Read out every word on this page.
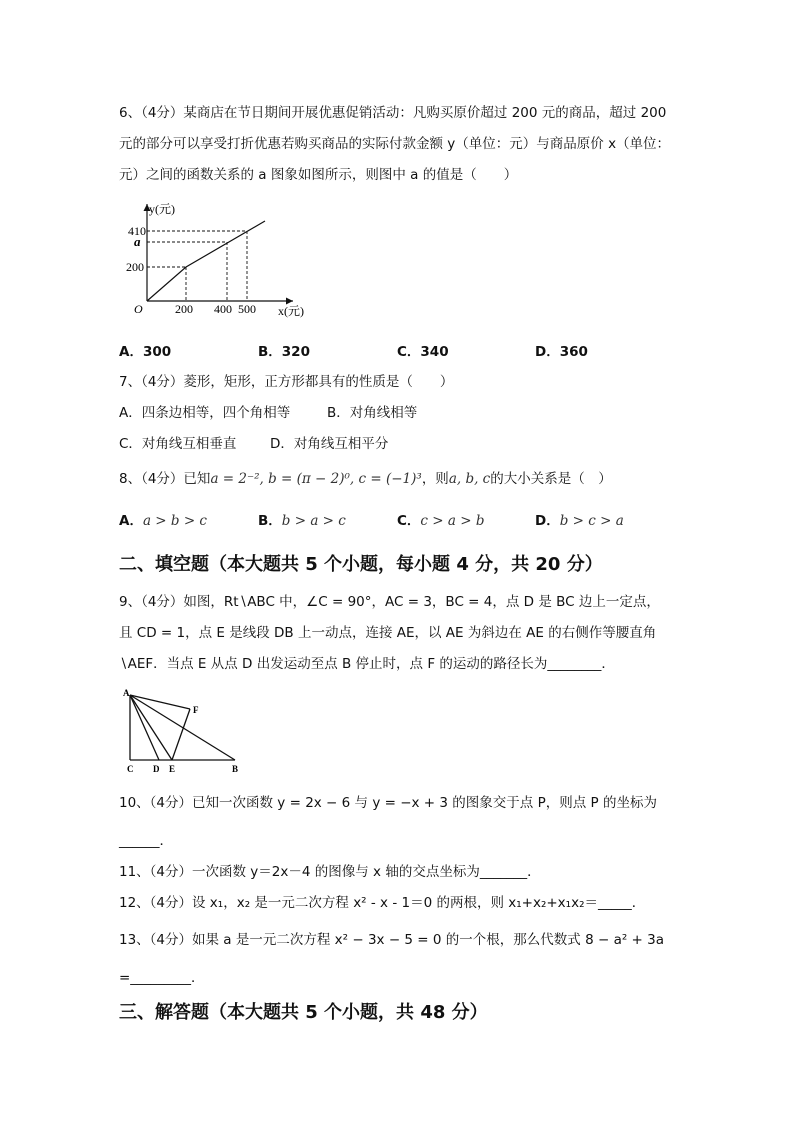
6、（4分）某商店在节日期间开展优惠促销活动：凡购买原价超过 200 元的商品，超过 200
元的部分可以享受打折优惠若购买商品的实际付款金额 y（单位：元）与商品原价 x（单位：
元）之间的函数关系的 a 图象如图所示，则图中 a 的值是（　　）
y(元)
410
a
200
O	200 400 500 x(元)
A．300	B．320	C．340	D．360
7、（4分）菱形，矩形，正方形都具有的性质是（　　）
A．四条边相等，四个角相等	B．对角线相等
C．对角线互相垂直 D．对角线互相平分
8、（4分）已知a = 2⁻², b = (π − 2)⁰, c = (−1)³，则a, b, c的大小关系是（　）
A．a > b > c	B．b > a > c	C．c > a > b	D．b > c > a
二、填空题（本大题共 5 个小题，每小题 4 分，共 20 分）
9、（4分）如图，Rt∖ABC 中，∠C = 90°，AC = 3，BC = 4，点 D 是 BC 边上一定点，
且 CD = 1，点 E 是线段 DB 上一动点，连接 AE，以 AE 为斜边在 AE 的右侧作等腰直角
∖AEF．当点 E 从点 D 出发运动至点 B 停止时，点 F 的运动的路径长为________．
A
F
C D E	B
10、（4分）已知一次函数 y = 2x − 6 与 y = −x + 3 的图象交于点 P，则点 P 的坐标为
______．
11、（4分）一次函数 y＝2x－4 的图像与 x 轴的交点坐标为_______．
12、（4分）设 x₁，x₂ 是一元二次方程 x² - x - 1＝0 的两根，则 x₁+x₂+x₁x₂＝_____．
13、（4分）如果 a 是一元二次方程 x² − 3x − 5 = 0 的一个根，那么代数式 8 − a² + 3a
=_________．
三、解答题（本大题共 5 个小题，共 48 分）
